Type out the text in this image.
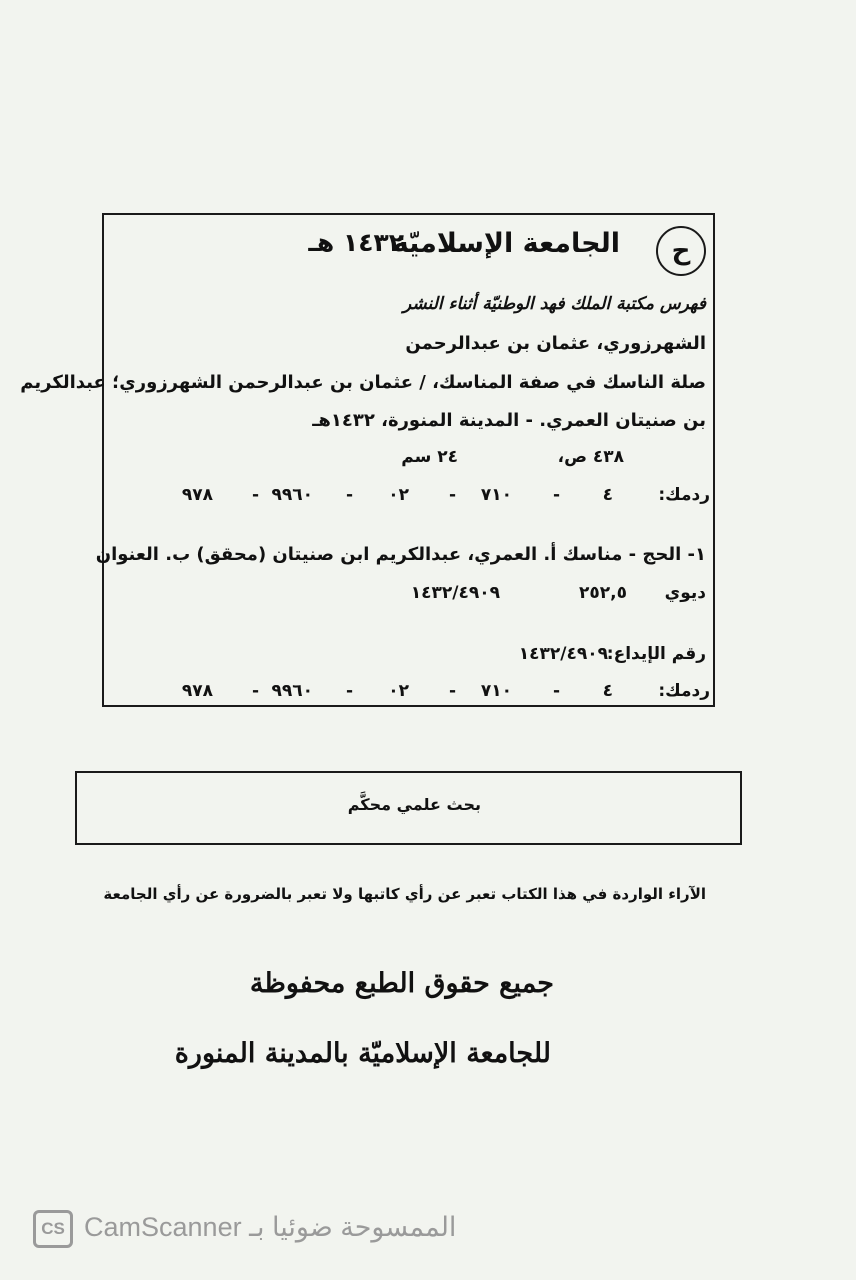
ح
الجامعة الإسلاميّة
١٤٣٢ هـ
فهرس مكتبة الملك فهد الوطنيّة أثناء النشر
الشهرزوري، عثمان بن عبدالرحمن
صلة الناسك في صفة المناسك، / عثمان بن عبدالرحمن الشهرزوري؛ عبدالكريم
بن صنيتان العمري. - المدينة المنورة، ١٤٣٢هـ
٤٣٨ ص،
٢٤ سم
ردمك:
٤
-
٧١٠
-
٠٢
-
٩٩٦٠
-
٩٧٨
١- الحج - مناسك أ. العمري، عبدالكريم ابن صنيتان (محقق) ب. العنوان
ديوي
٢٥٢,٥
١٤٣٢/٤٩٠٩
رقم الإيداع:
١٤٣٢/٤٩٠٩
ردمك:
٤
-
٧١٠
-
٠٢
-
٩٩٦٠
-
٩٧٨
بحث علمي محكَّم
الآراء الواردة في هذا الكتاب تعبر عن رأي كاتبها ولا تعبر بالضرورة عن رأي الجامعة
جميع حقوق الطبع محفوظة
للجامعة الإسلاميّة بالمدينة المنورة
CS CamScanner الممسوحة ضوئيا بـ
